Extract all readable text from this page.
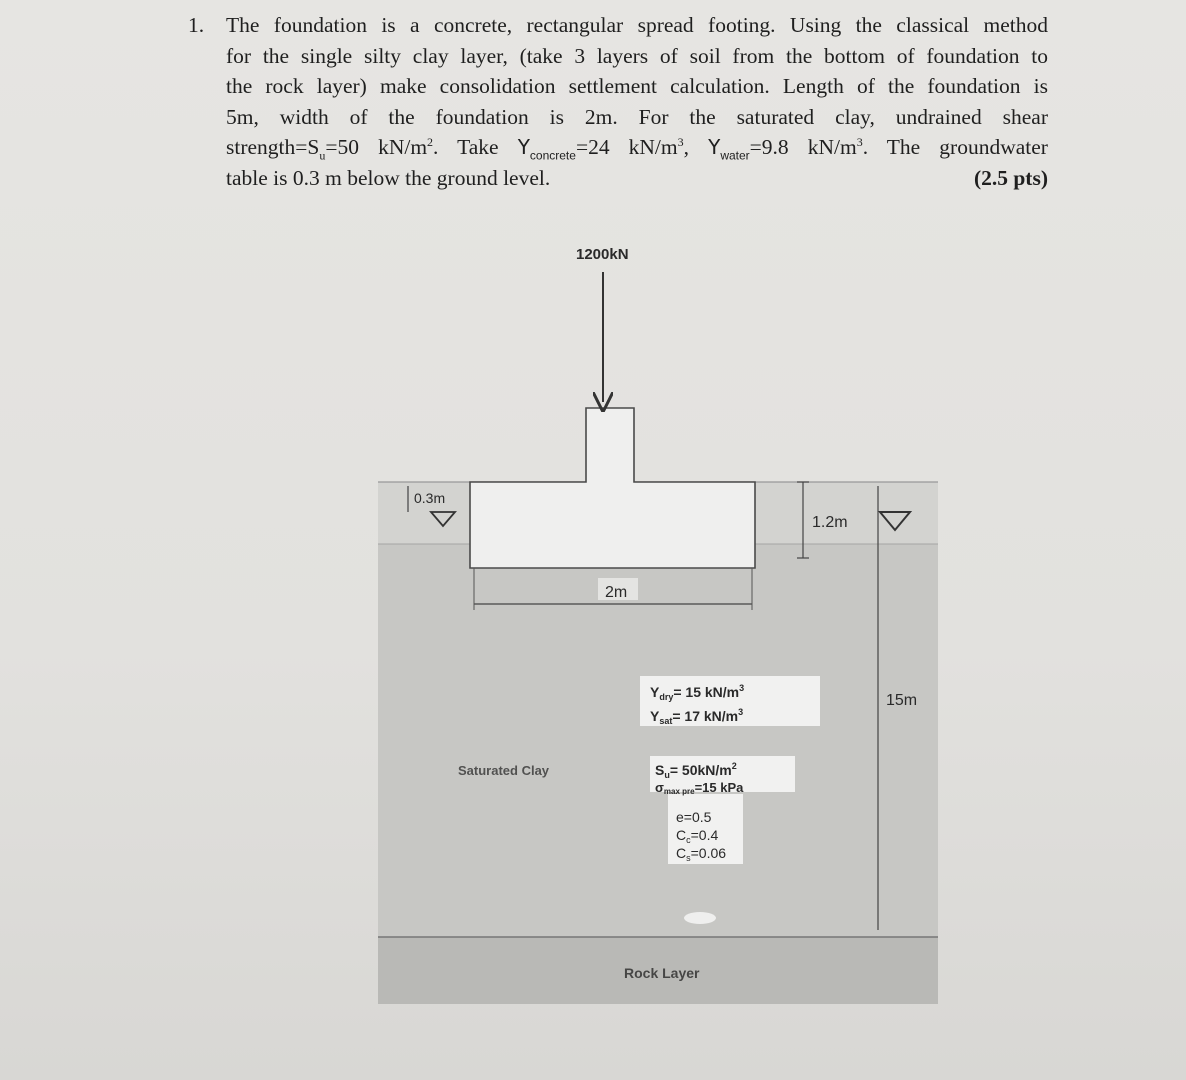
1. The foundation is a concrete, rectangular spread footing. Using the classical method
for the single silty clay layer, (take 3 layers of soil from the bottom of foundation to
the rock layer) make consolidation settlement calculation. Length of the foundation is
5m, width of the foundation is 2m. For the saturated clay, undrained shear
$strength=S_u=50$ $kN/m^2$. Take $Y_{concrete}=24$ $kN/m^3$, $Y_{water}=9.8$ $kN/m^3$. The groundwater
table is 0.3 m below the ground level.	(2.5 pts)
1200kN
0.3m
1.2m
15m
2m
$Y_{dry}= 15$ $kN/m^3$
$Y_{sat}= 17$ $kN/m^3$
$S_u= 50kN/m^2$
σmax pre=15 kPa
e=0.5
$C_c=0.4$
$C_s=0.06$
Saturated Clay
Rock Layer
